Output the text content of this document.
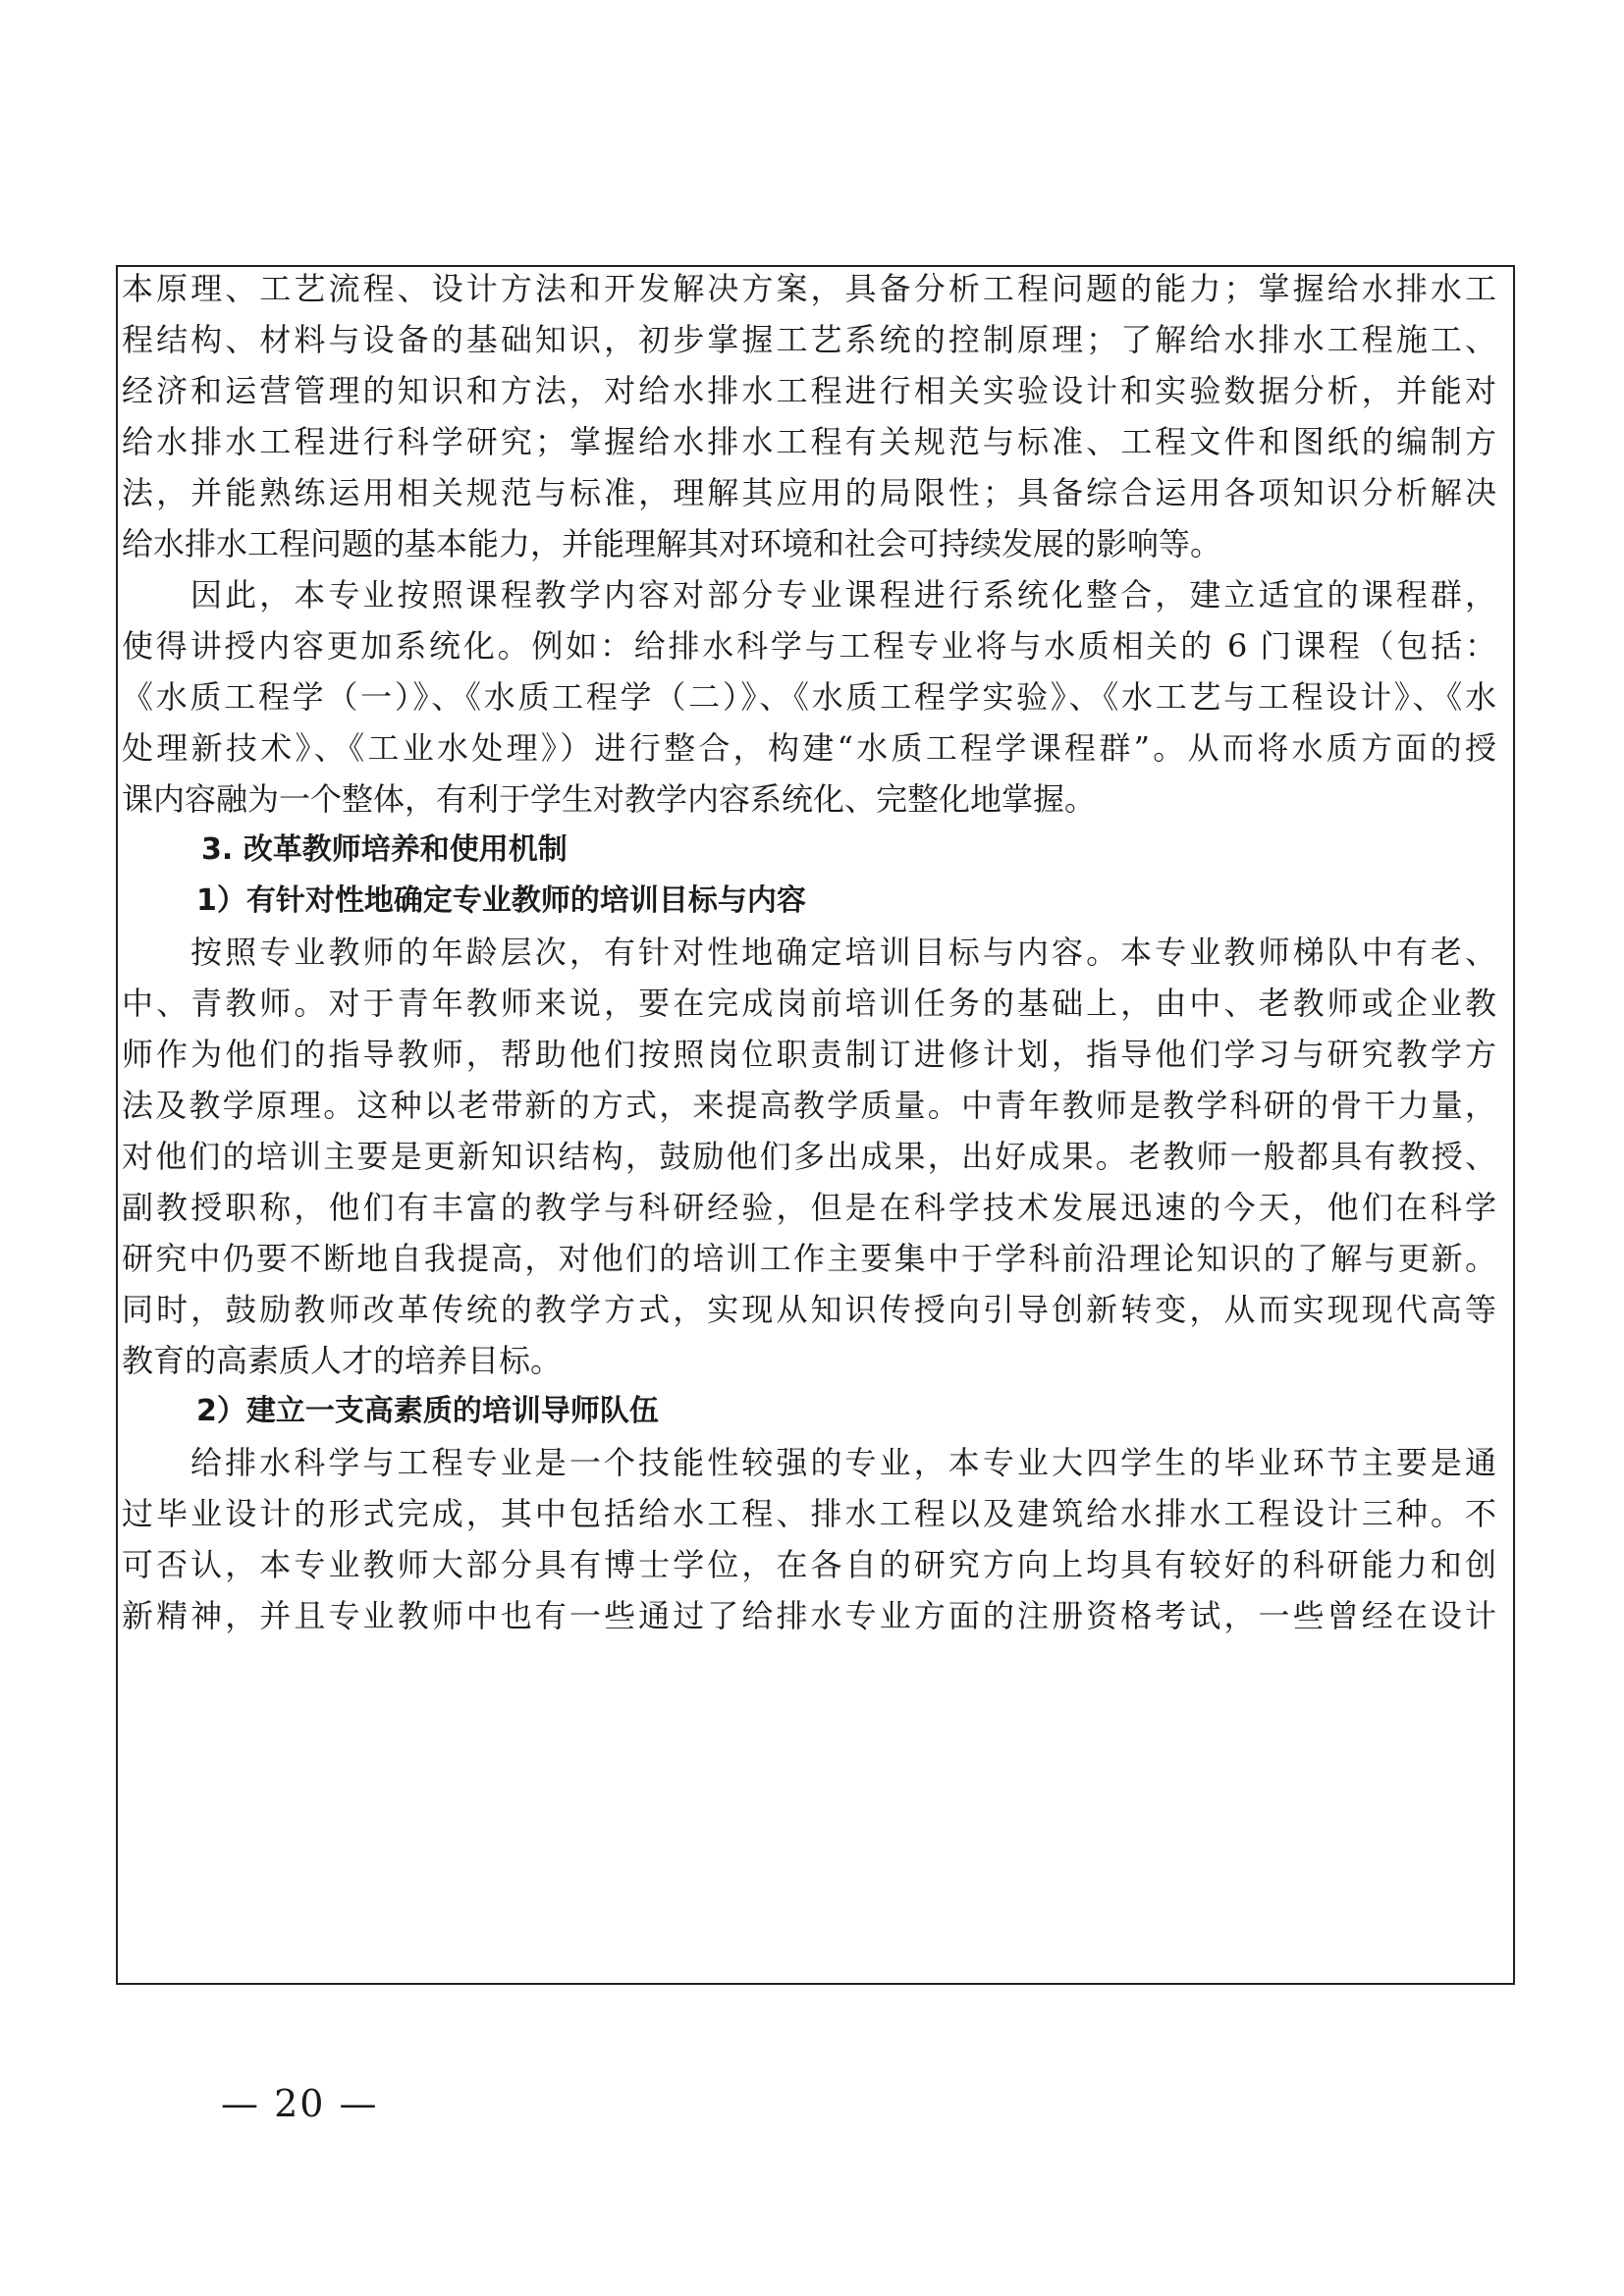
本原理、工艺流程、设计方法和开发解决方案，具备分析工程问题的能力；掌握给水排水工
程结构、材料与设备的基础知识，初步掌握工艺系统的控制原理；了解给水排水工程施工、
经济和运营管理的知识和方法，对给水排水工程进行相关实验设计和实验数据分析，并能对
给水排水工程进行科学研究；掌握给水排水工程有关规范与标准、工程文件和图纸的编制方
法，并能熟练运用相关规范与标准，理解其应用的局限性；具备综合运用各项知识分析解决
给水排水工程问题的基本能力，并能理解其对环境和社会可持续发展的影响等。
因此，本专业按照课程教学内容对部分专业课程进行系统化整合，建立适宜的课程群，
使得讲授内容更加系统化。例如：给排水科学与工程专业将与水质相关的 6 门课程（包括：
《水质工程学（一）》、《水质工程学（二）》、《水质工程学实验》、《水工艺与工程设计》、《水
处理新技术》、《工业水处理》）进行整合，构建“水质工程学课程群”。从而将水质方面的授
课内容融为一个整体，有利于学生对教学内容系统化、完整化地掌握。
3. 改革教师培养和使用机制
1）有针对性地确定专业教师的培训目标与内容
按照专业教师的年龄层次，有针对性地确定培训目标与内容。本专业教师梯队中有老、
中、青教师。对于青年教师来说，要在完成岗前培训任务的基础上，由中、老教师或企业教
师作为他们的指导教师，帮助他们按照岗位职责制订进修计划，指导他们学习与研究教学方
法及教学原理。这种以老带新的方式，来提高教学质量。中青年教师是教学科研的骨干力量，
对他们的培训主要是更新知识结构，鼓励他们多出成果，出好成果。老教师一般都具有教授、
副教授职称，他们有丰富的教学与科研经验，但是在科学技术发展迅速的今天，他们在科学
研究中仍要不断地自我提高，对他们的培训工作主要集中于学科前沿理论知识的了解与更新。
同时，鼓励教师改革传统的教学方式，实现从知识传授向引导创新转变，从而实现现代高等
教育的高素质人才的培养目标。
2）建立一支高素质的培训导师队伍
给排水科学与工程专业是一个技能性较强的专业，本专业大四学生的毕业环节主要是通
过毕业设计的形式完成，其中包括给水工程、排水工程以及建筑给水排水工程设计三种。不
可否认，本专业教师大部分具有博士学位，在各自的研究方向上均具有较好的科研能力和创
新精神，并且专业教师中也有一些通过了给排水专业方面的注册资格考试，一些曾经在设计
— 20 —
